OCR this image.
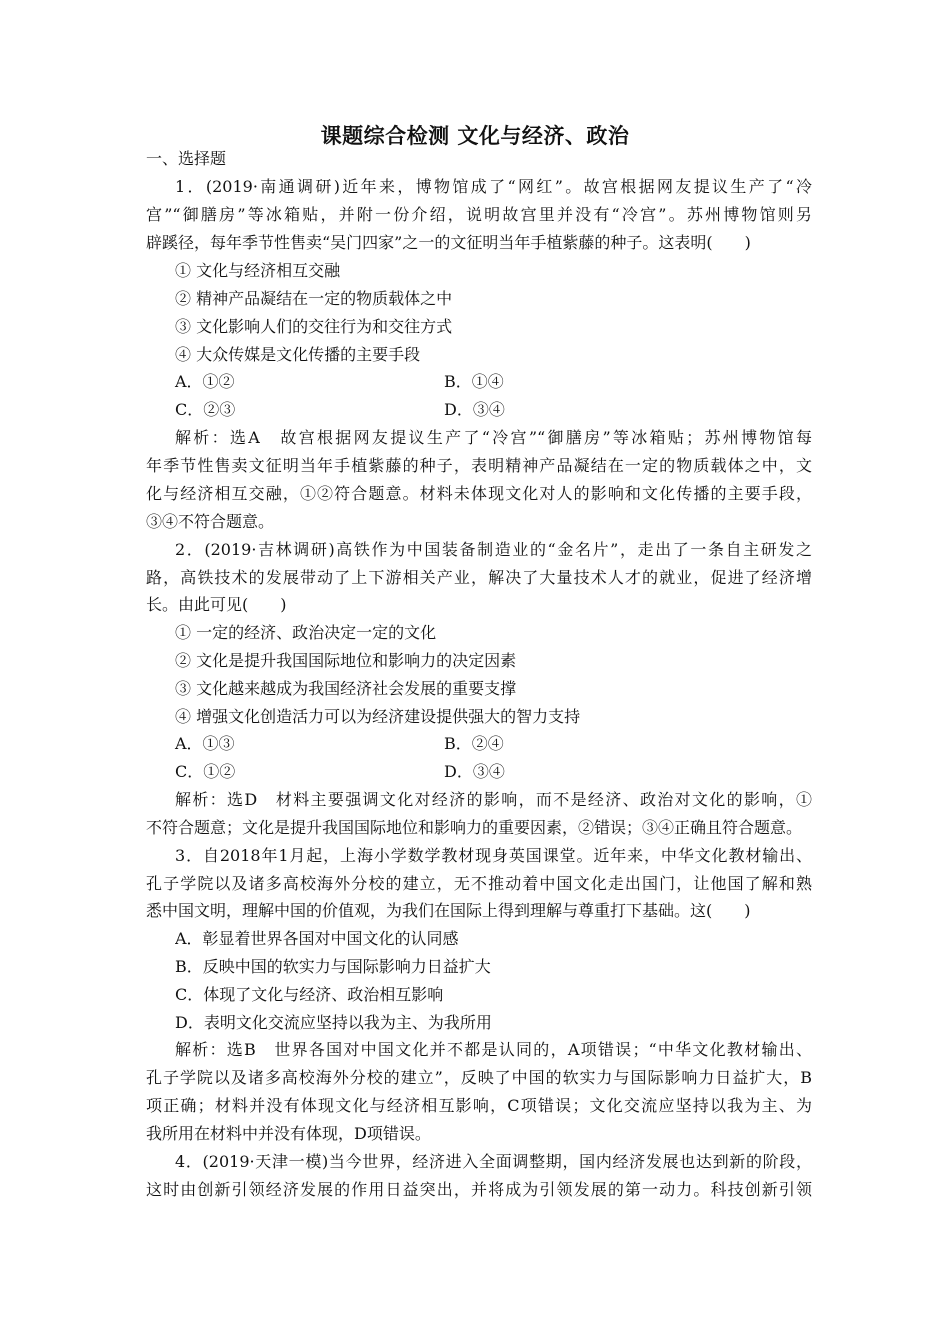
课题综合检测 文化与经济、政治
一、选择题
1．(2019·南通调研)近年来，博物馆成了“网红”。故宫根据网友提议生产了“冷
宫”“御膳房”等冰箱贴，并附一份介绍，说明故宫里并没有“冷宫”。苏州博物馆则另
辟蹊径，每年季节性售卖“吴门四家”之一的文征明当年手植紫藤的种子。这表明(　　)
① 文化与经济相互交融
② 精神产品凝结在一定的物质载体之中
③ 文化影响人们的交往行为和交往方式
④ 大众传媒是文化传播的主要手段
A．①②	B．①④
C．②③	D．③④
解析：选A　故宫根据网友提议生产了“冷宫”“御膳房”等冰箱贴；苏州博物馆每
年季节性售卖文征明当年手植紫藤的种子，表明精神产品凝结在一定的物质载体之中，文
化与经济相互交融，①②符合题意。材料未体现文化对人的影响和文化传播的主要手段，
③④不符合题意。
2．(2019·吉林调研)高铁作为中国装备制造业的“金名片”，走出了一条自主研发之
路，高铁技术的发展带动了上下游相关产业，解决了大量技术人才的就业，促进了经济增
长。由此可见(　　)
① 一定的经济、政治决定一定的文化
② 文化是提升我国国际地位和影响力的决定因素
③ 文化越来越成为我国经济社会发展的重要支撑
④ 增强文化创造活力可以为经济建设提供强大的智力支持
A．①③	B．②④
C．①②	D．③④
解析：选D　材料主要强调文化对经济的影响，而不是经济、政治对文化的影响，①
不符合题意；文化是提升我国国际地位和影响力的重要因素，②错误；③④正确且符合题意。
3．自2018年1月起，上海小学数学教材现身英国课堂。近年来，中华文化教材输出、
孔子学院以及诸多高校海外分校的建立，无不推动着中国文化走出国门，让他国了解和熟
悉中国文明，理解中国的价值观，为我们在国际上得到理解与尊重打下基础。这(　　)
A．彰显着世界各国对中国文化的认同感
B．反映中国的软实力与国际影响力日益扩大
C．体现了文化与经济、政治相互影响
D．表明文化交流应坚持以我为主、为我所用
解析：选B　世界各国对中国文化并不都是认同的，A项错误；“中华文化教材输出、
孔子学院以及诸多高校海外分校的建立”，反映了中国的软实力与国际影响力日益扩大，B
项正确；材料并没有体现文化与经济相互影响，C项错误；文化交流应坚持以我为主、为
我所用在材料中并没有体现，D项错误。
4．(2019·天津一模)当今世界，经济进入全面调整期，国内经济发展也达到新的阶段，
这时由创新引领经济发展的作用日益突出，并将成为引领发展的第一动力。科技创新引领
